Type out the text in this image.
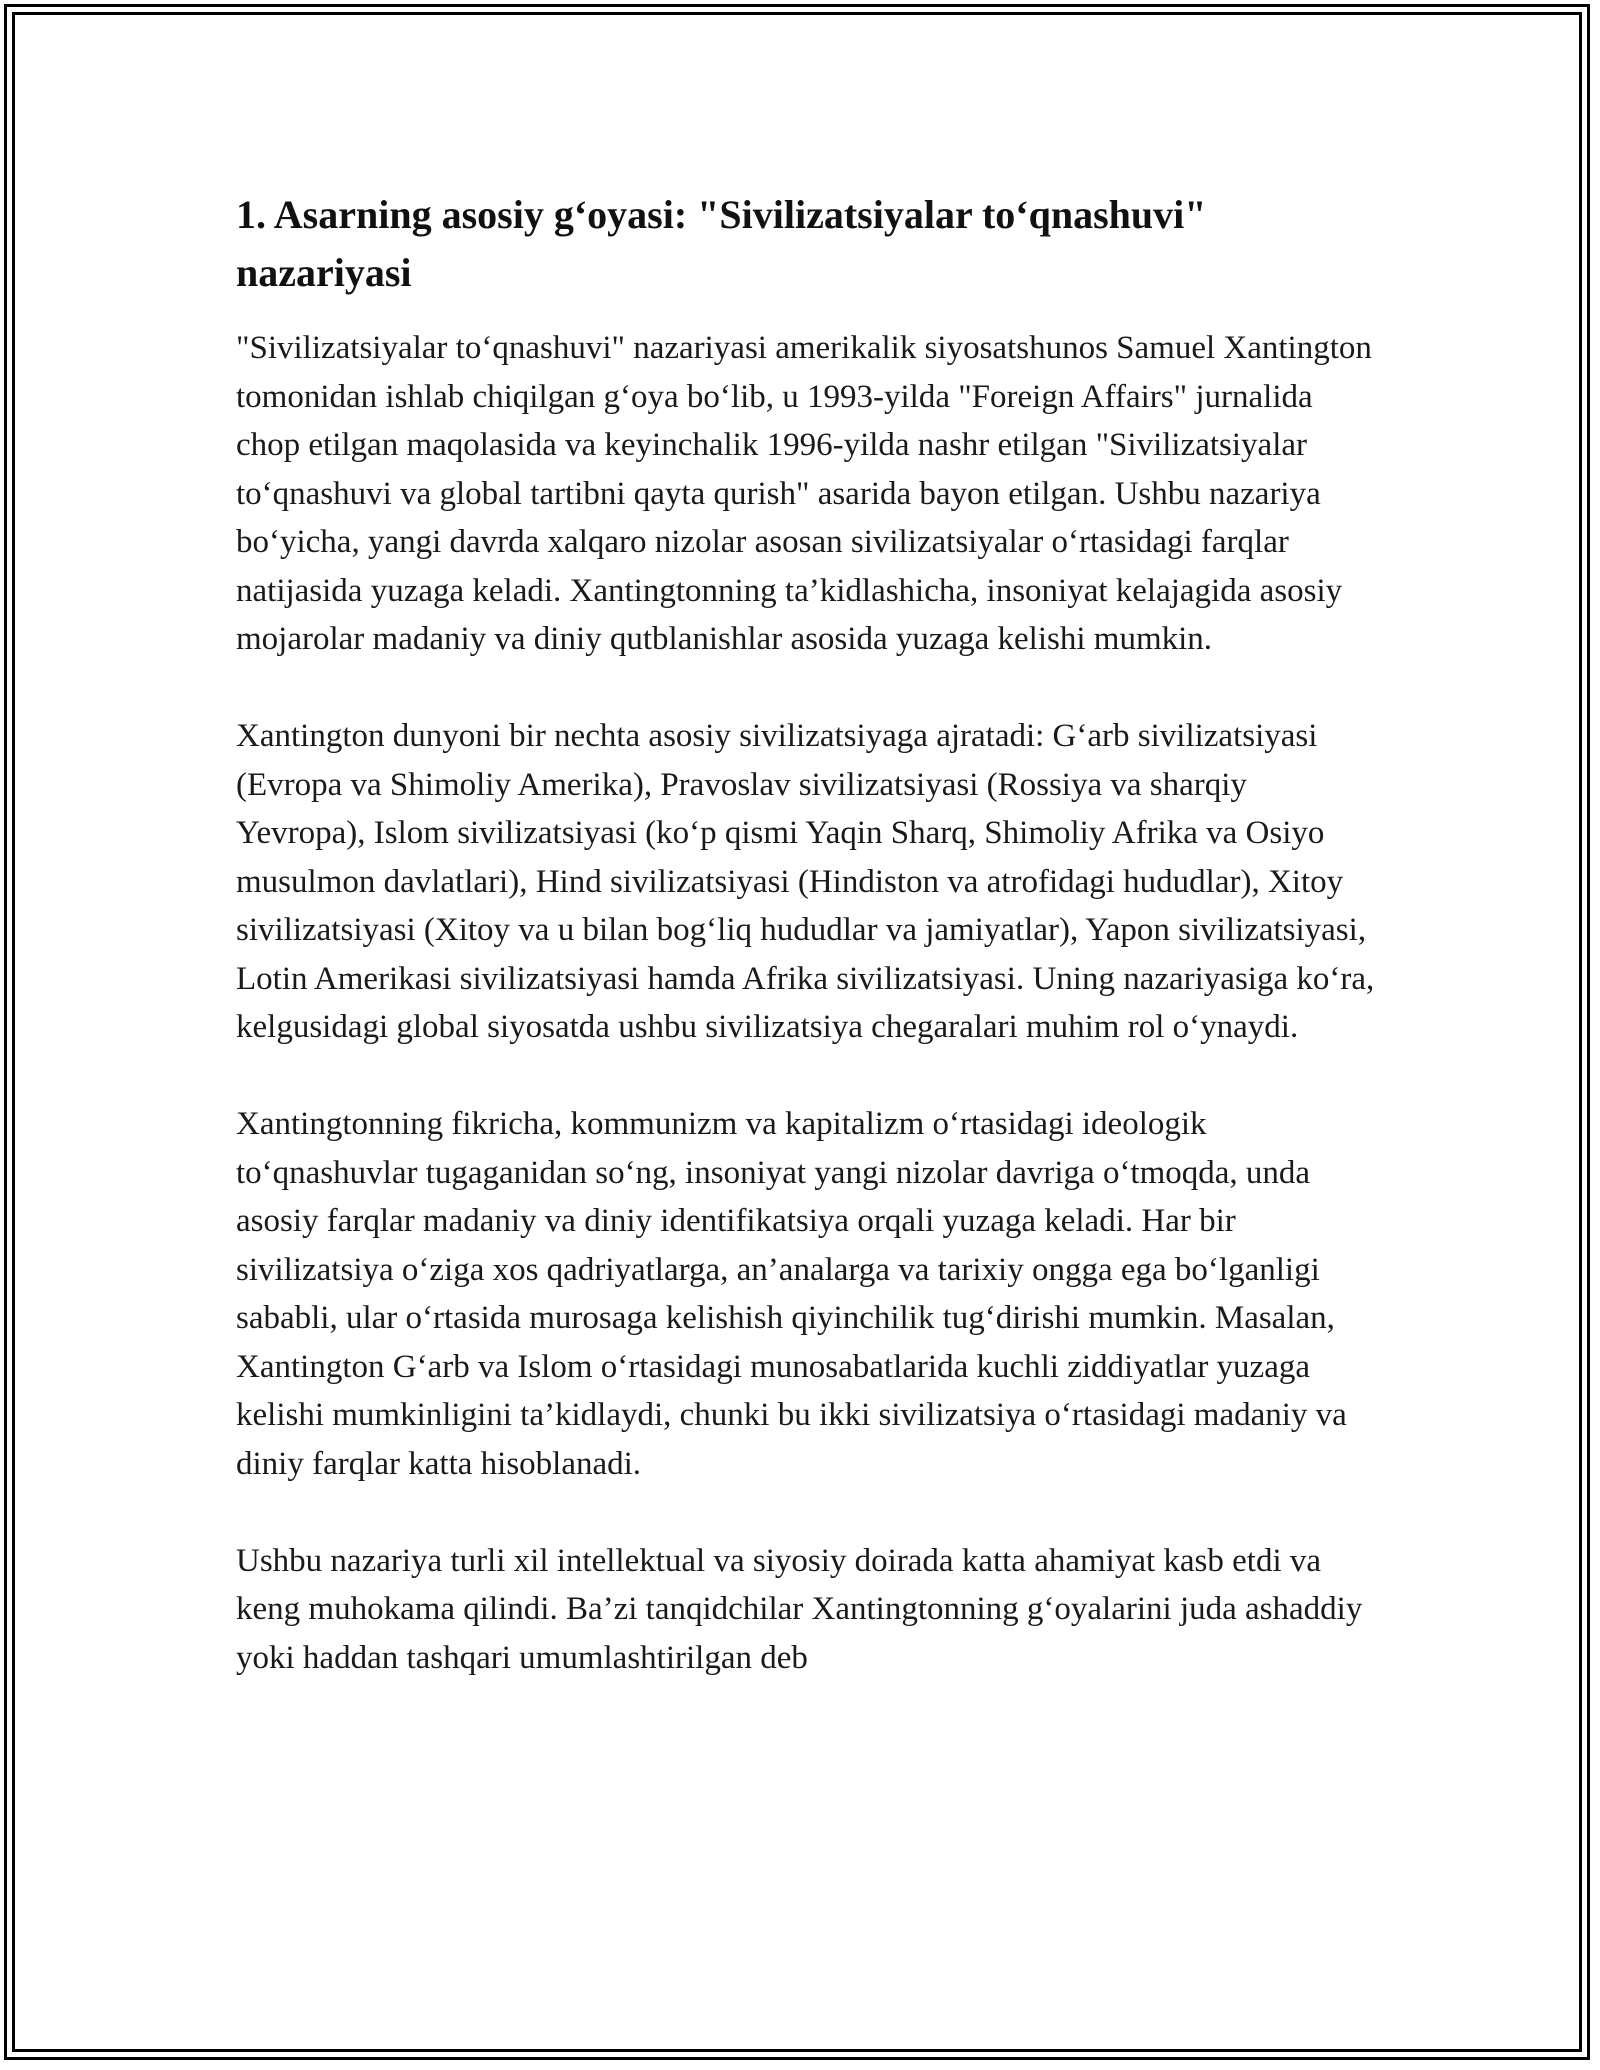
1. Asarning asosiy g‘oyasi: "Sivilizatsiyalar to‘qnashuvi" nazariyasi

"Sivilizatsiyalar to‘qnashuvi" nazariyasi amerikalik siyosatshunos Samuel Xantington tomonidan ishlab chiqilgan g‘oya bo‘lib, u 1993-yilda "Foreign Affairs" jurnalida chop etilgan maqolasida va keyinchalik 1996-yilda nashr etilgan "Sivilizatsiyalar to‘qnashuvi va global tartibni qayta qurish" asarida bayon etilgan. Ushbu nazariya bo‘yicha, yangi davrda xalqaro nizolar asosan sivilizatsiyalar o‘rtasidagi farqlar natijasida yuzaga keladi. Xantingtonning ta’kidlashicha, insoniyat kelajagida asosiy mojarolar madaniy va diniy qutblanishlar asosida yuzaga kelishi mumkin.

Xantington dunyoni bir nechta asosiy sivilizatsiyaga ajratadi: G‘arb sivilizatsiyasi (Evropa va Shimoliy Amerika), Pravoslav sivilizatsiyasi (Rossiya va sharqiy Yevropa), Islom sivilizatsiyasi (ko‘p qismi Yaqin Sharq, Shimoliy Afrika va Osiyo musulmon davlatlari), Hind sivilizatsiyasi (Hindiston va atrofidagi hududlar), Xitoy sivilizatsiyasi (Xitoy va u bilan bog‘liq hududlar va jamiyatlar), Yapon sivilizatsiyasi, Lotin Amerikasi sivilizatsiyasi hamda Afrika sivilizatsiyasi. Uning nazariyasiga ko‘ra, kelgusidagi global siyosatda ushbu sivilizatsiya chegaralari muhim rol o‘ynaydi.

Xantingtonning fikricha, kommunizm va kapitalizm o‘rtasidagi ideologik to‘qnashuvlar tugaganidan so‘ng, insoniyat yangi nizolar davriga o‘tmoqda, unda asosiy farqlar madaniy va diniy identifikatsiya orqali yuzaga keladi. Har bir sivilizatsiya o‘ziga xos qadriyatlarga, an’analarga va tarixiy ongga ega bo‘lganligi sababli, ular o‘rtasida murosaga kelishish qiyinchilik tug‘dirishi mumkin. Masalan, Xantington G‘arb va Islom o‘rtasidagi munosabatlarida kuchli ziddiyatlar yuzaga kelishi mumkinligini ta’kidlaydi, chunki bu ikki sivilizatsiya o‘rtasidagi madaniy va diniy farqlar katta hisoblanadi.

Ushbu nazariya turli xil intellektual va siyosiy doirada katta ahamiyat kasb etdi va keng muhokama qilindi. Ba’zi tanqidchilar Xantingtonning g‘oyalarini juda ashaddiy yoki haddan tashqari umumlashtirilgan deb
